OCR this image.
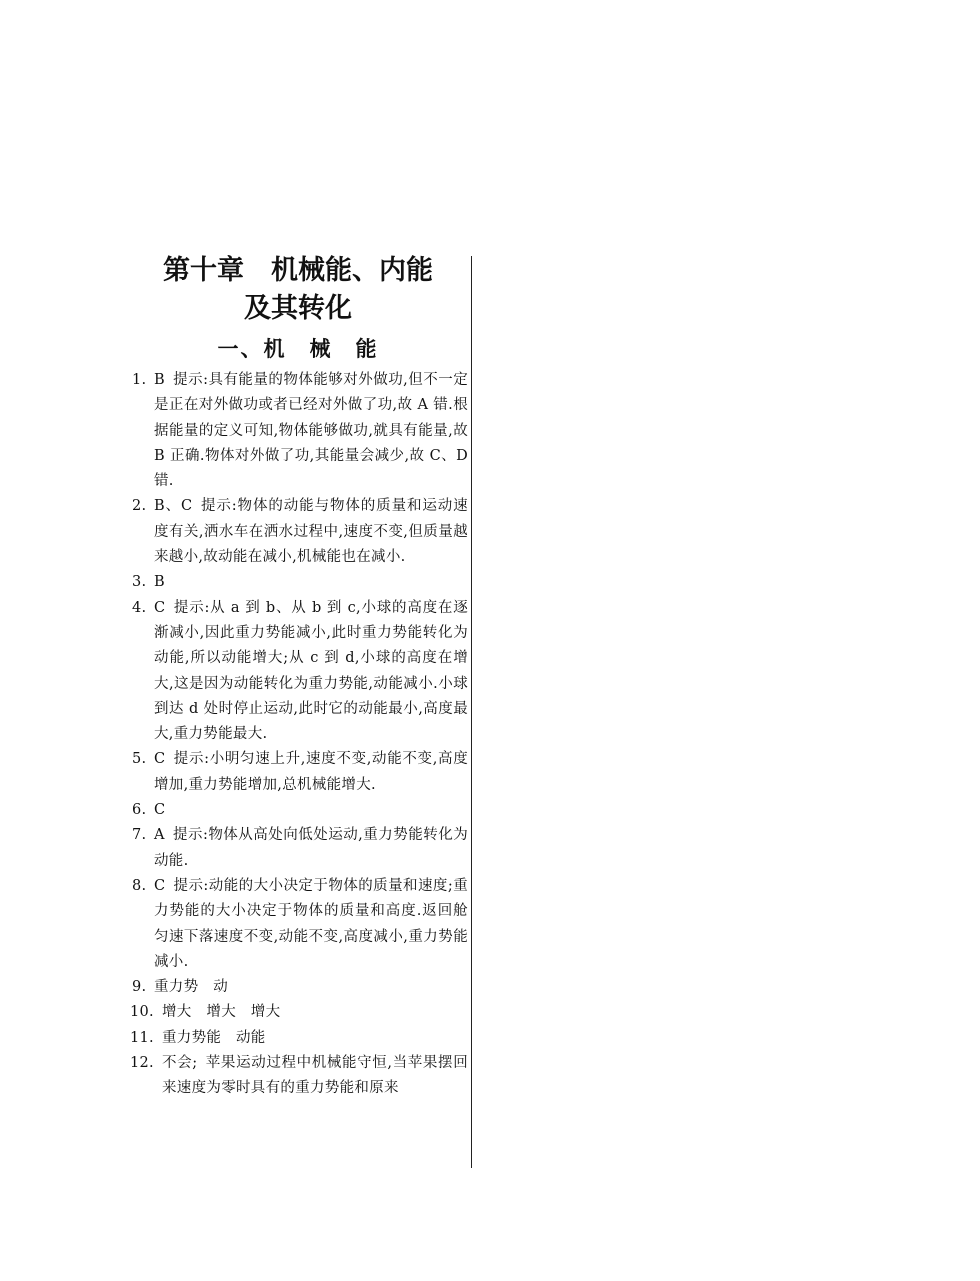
第十章　机械能、内能
及其转化
一、机　械　能
1. B 提示:具有能量的物体能够对外做功,但不一定是正在对外做功或者已经对外做了功,故 A 错.根据能量的定义可知,物体能够做功,就具有能量,故 B 正确.物体对外做了功,其能量会减少,故 C、D 错.
2. B、C 提示:物体的动能与物体的质量和运动速度有关,洒水车在洒水过程中,速度不变,但质量越来越小,故动能在减小,机械能也在减小.
3. B
4. C 提示:从 a 到 b、从 b 到 c,小球的高度在逐渐减小,因此重力势能减小,此时重力势能转化为动能,所以动能增大;从 c 到 d,小球的高度在增大,这是因为动能转化为重力势能,动能减小.小球到达 d 处时停止运动,此时它的动能最小,高度最大,重力势能最大.
5. C 提示:小明匀速上升,速度不变,动能不变,高度增加,重力势能增加,总机械能增大.
6. C
7. A 提示:物体从高处向低处运动,重力势能转化为动能.
8. C 提示:动能的大小决定于物体的质量和速度;重力势能的大小决定于物体的质量和高度.返回舱匀速下落速度不变,动能不变,高度减小,重力势能减小.
9. 重力势　动
10. 增大　增大　增大
11. 重力势能　动能
12. 不会; 苹果运动过程中机械能守恒,当苹果摆回来速度为零时具有的重力势能和原来
